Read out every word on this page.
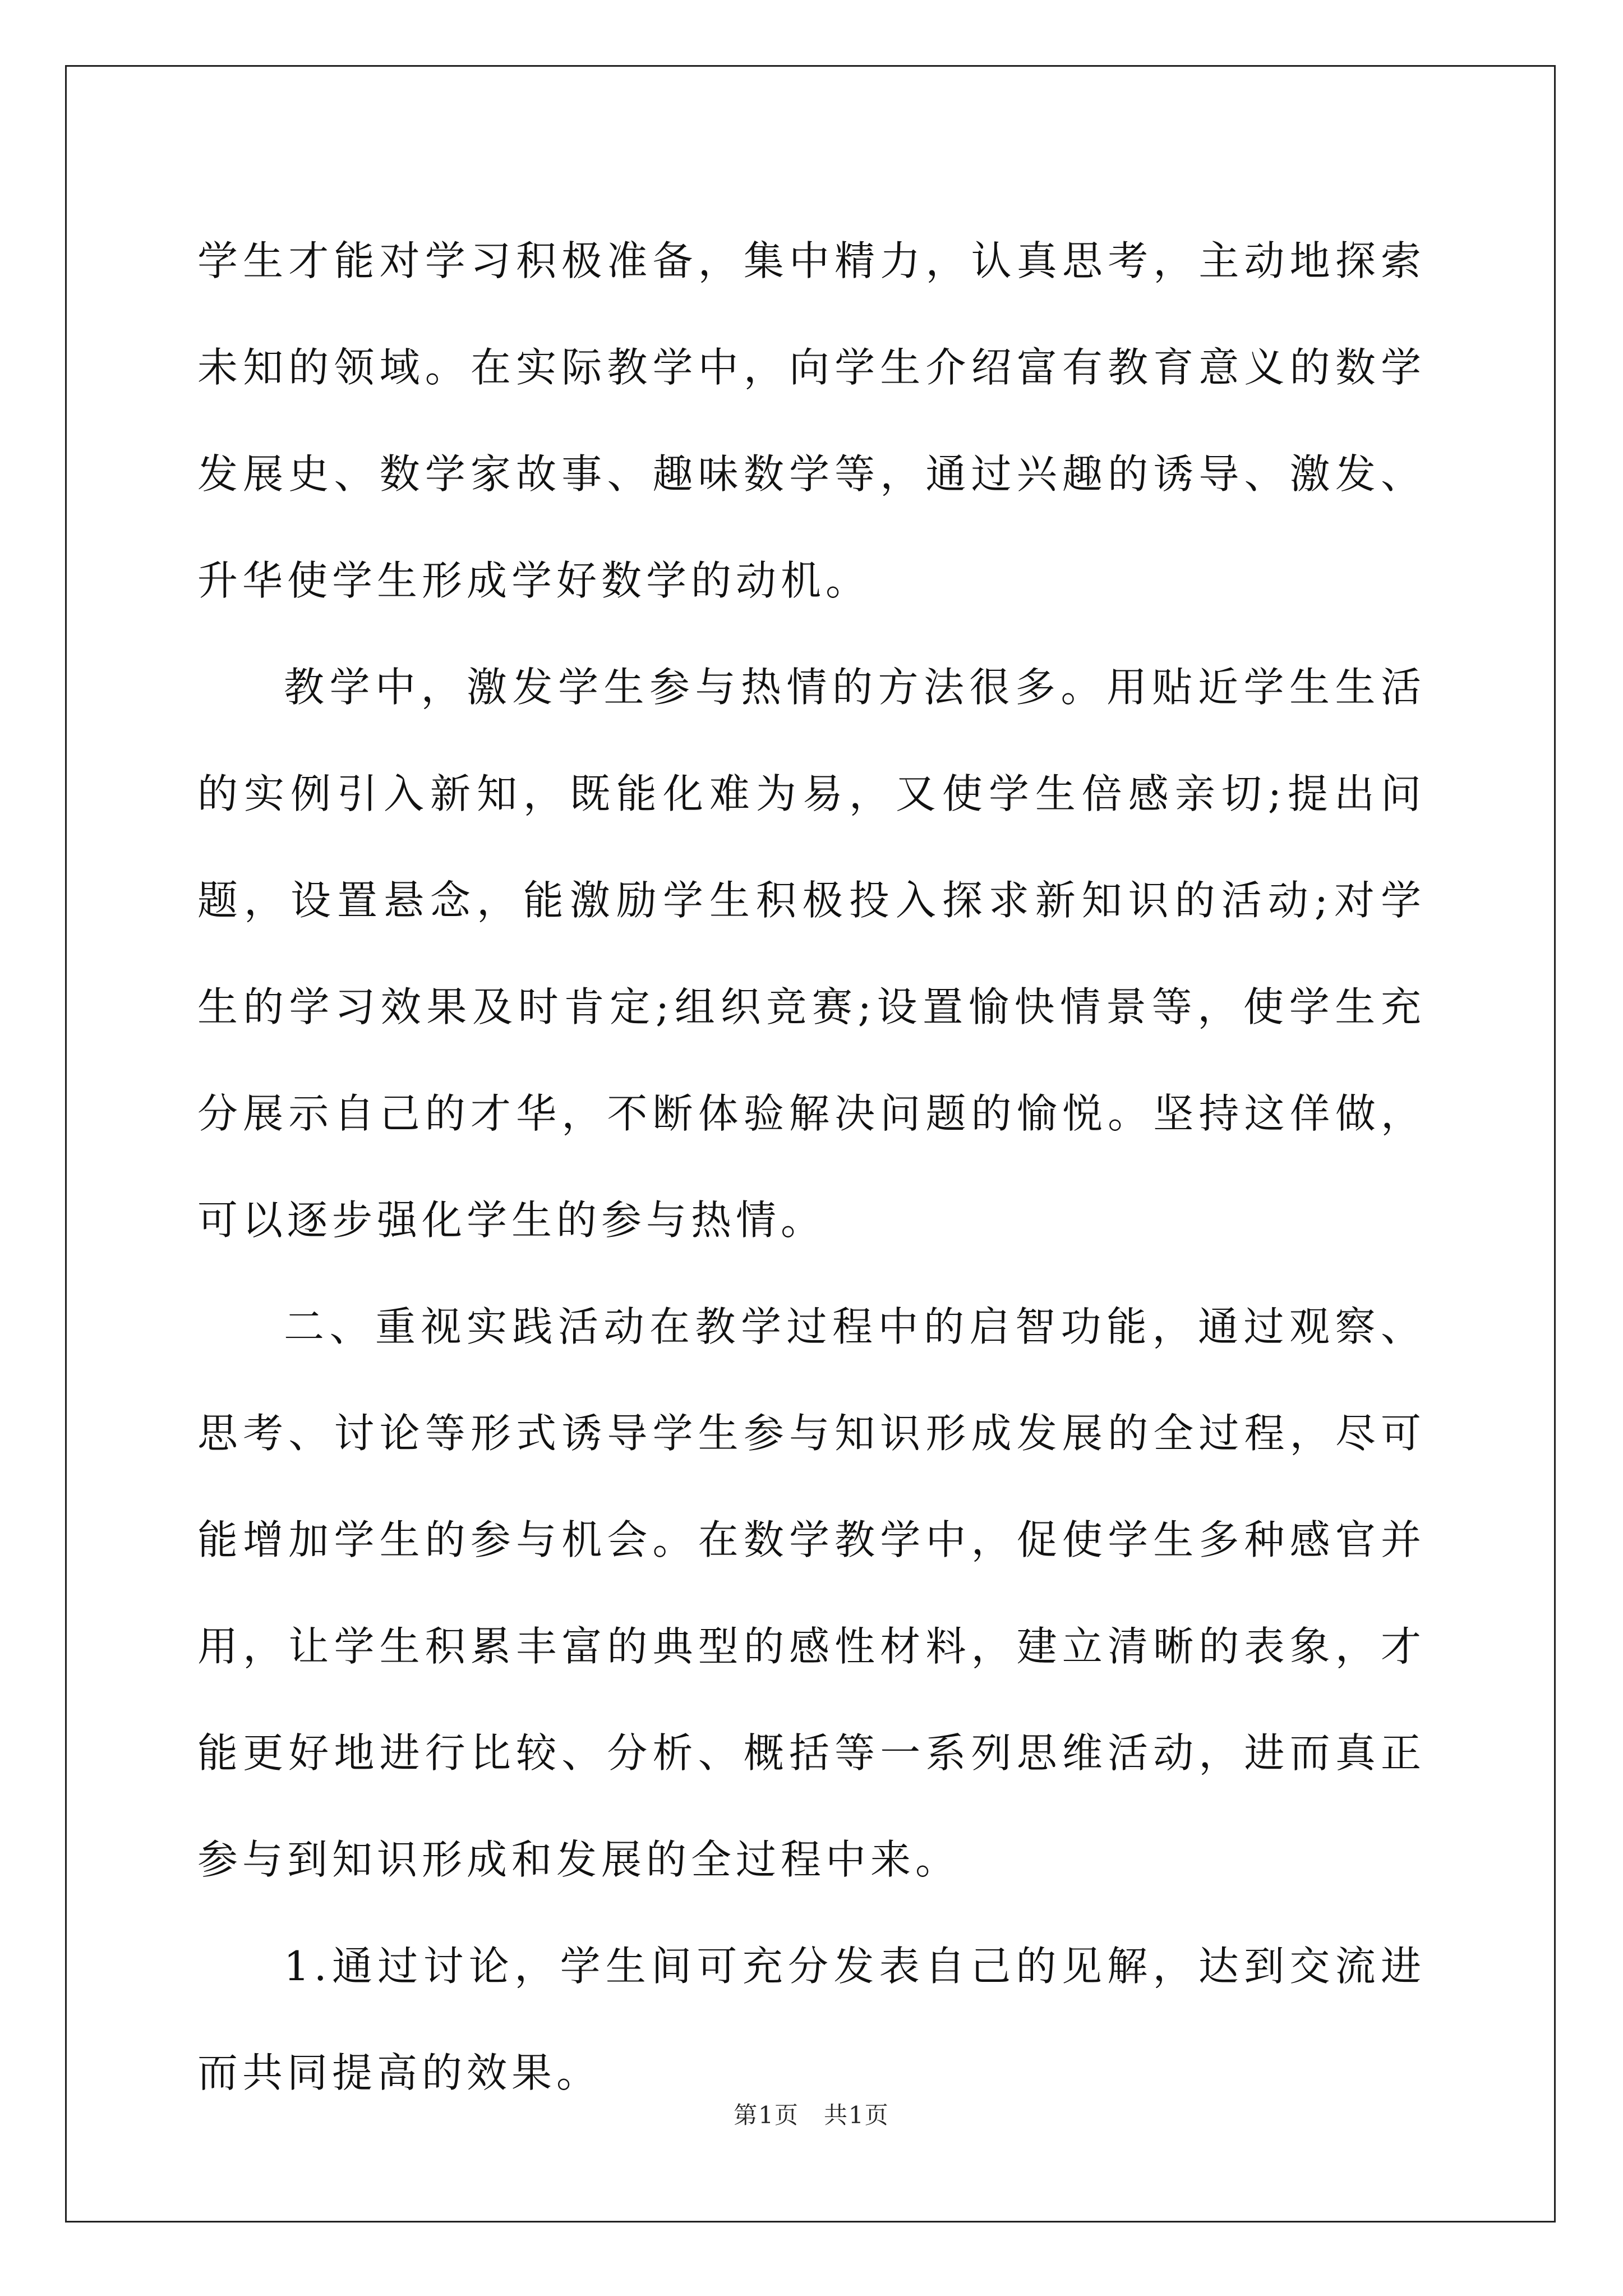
学生才能对学习积极准备，集中精力，认真思考，主动地探索未知的领域。在实际教学中，向学生介绍富有教育意义的数学发展史、数学家故事、趣味数学等，通过兴趣的诱导、激发、升华使学生形成学好数学的动机。

教学中，激发学生参与热情的方法很多。用贴近学生生活的实例引入新知，既能化难为易，又使学生倍感亲切;提出问题，设置悬念，能激励学生积极投入探求新知识的活动;对学生的学习效果及时肯定;组织竞赛;设置愉快情景等，使学生充分展示自己的才华，不断体验解决问题的愉悦。坚持这佯做，可以逐步强化学生的参与热情。

二、重视实践活动在教学过程中的启智功能，通过观察、思考、讨论等形式诱导学生参与知识形成发展的全过程，尽可能增加学生的参与机会。在数学教学中，促使学生多种感官并用，让学生积累丰富的典型的感性材料，建立清晰的表象，才能更好地进行比较、分析、概括等一系列思维活动，进而真正参与到知识形成和发展的全过程中来。

1.通过讨论，学生间可充分发表自己的见解，达到交流进而共同提高的效果。

第1页　共1页
